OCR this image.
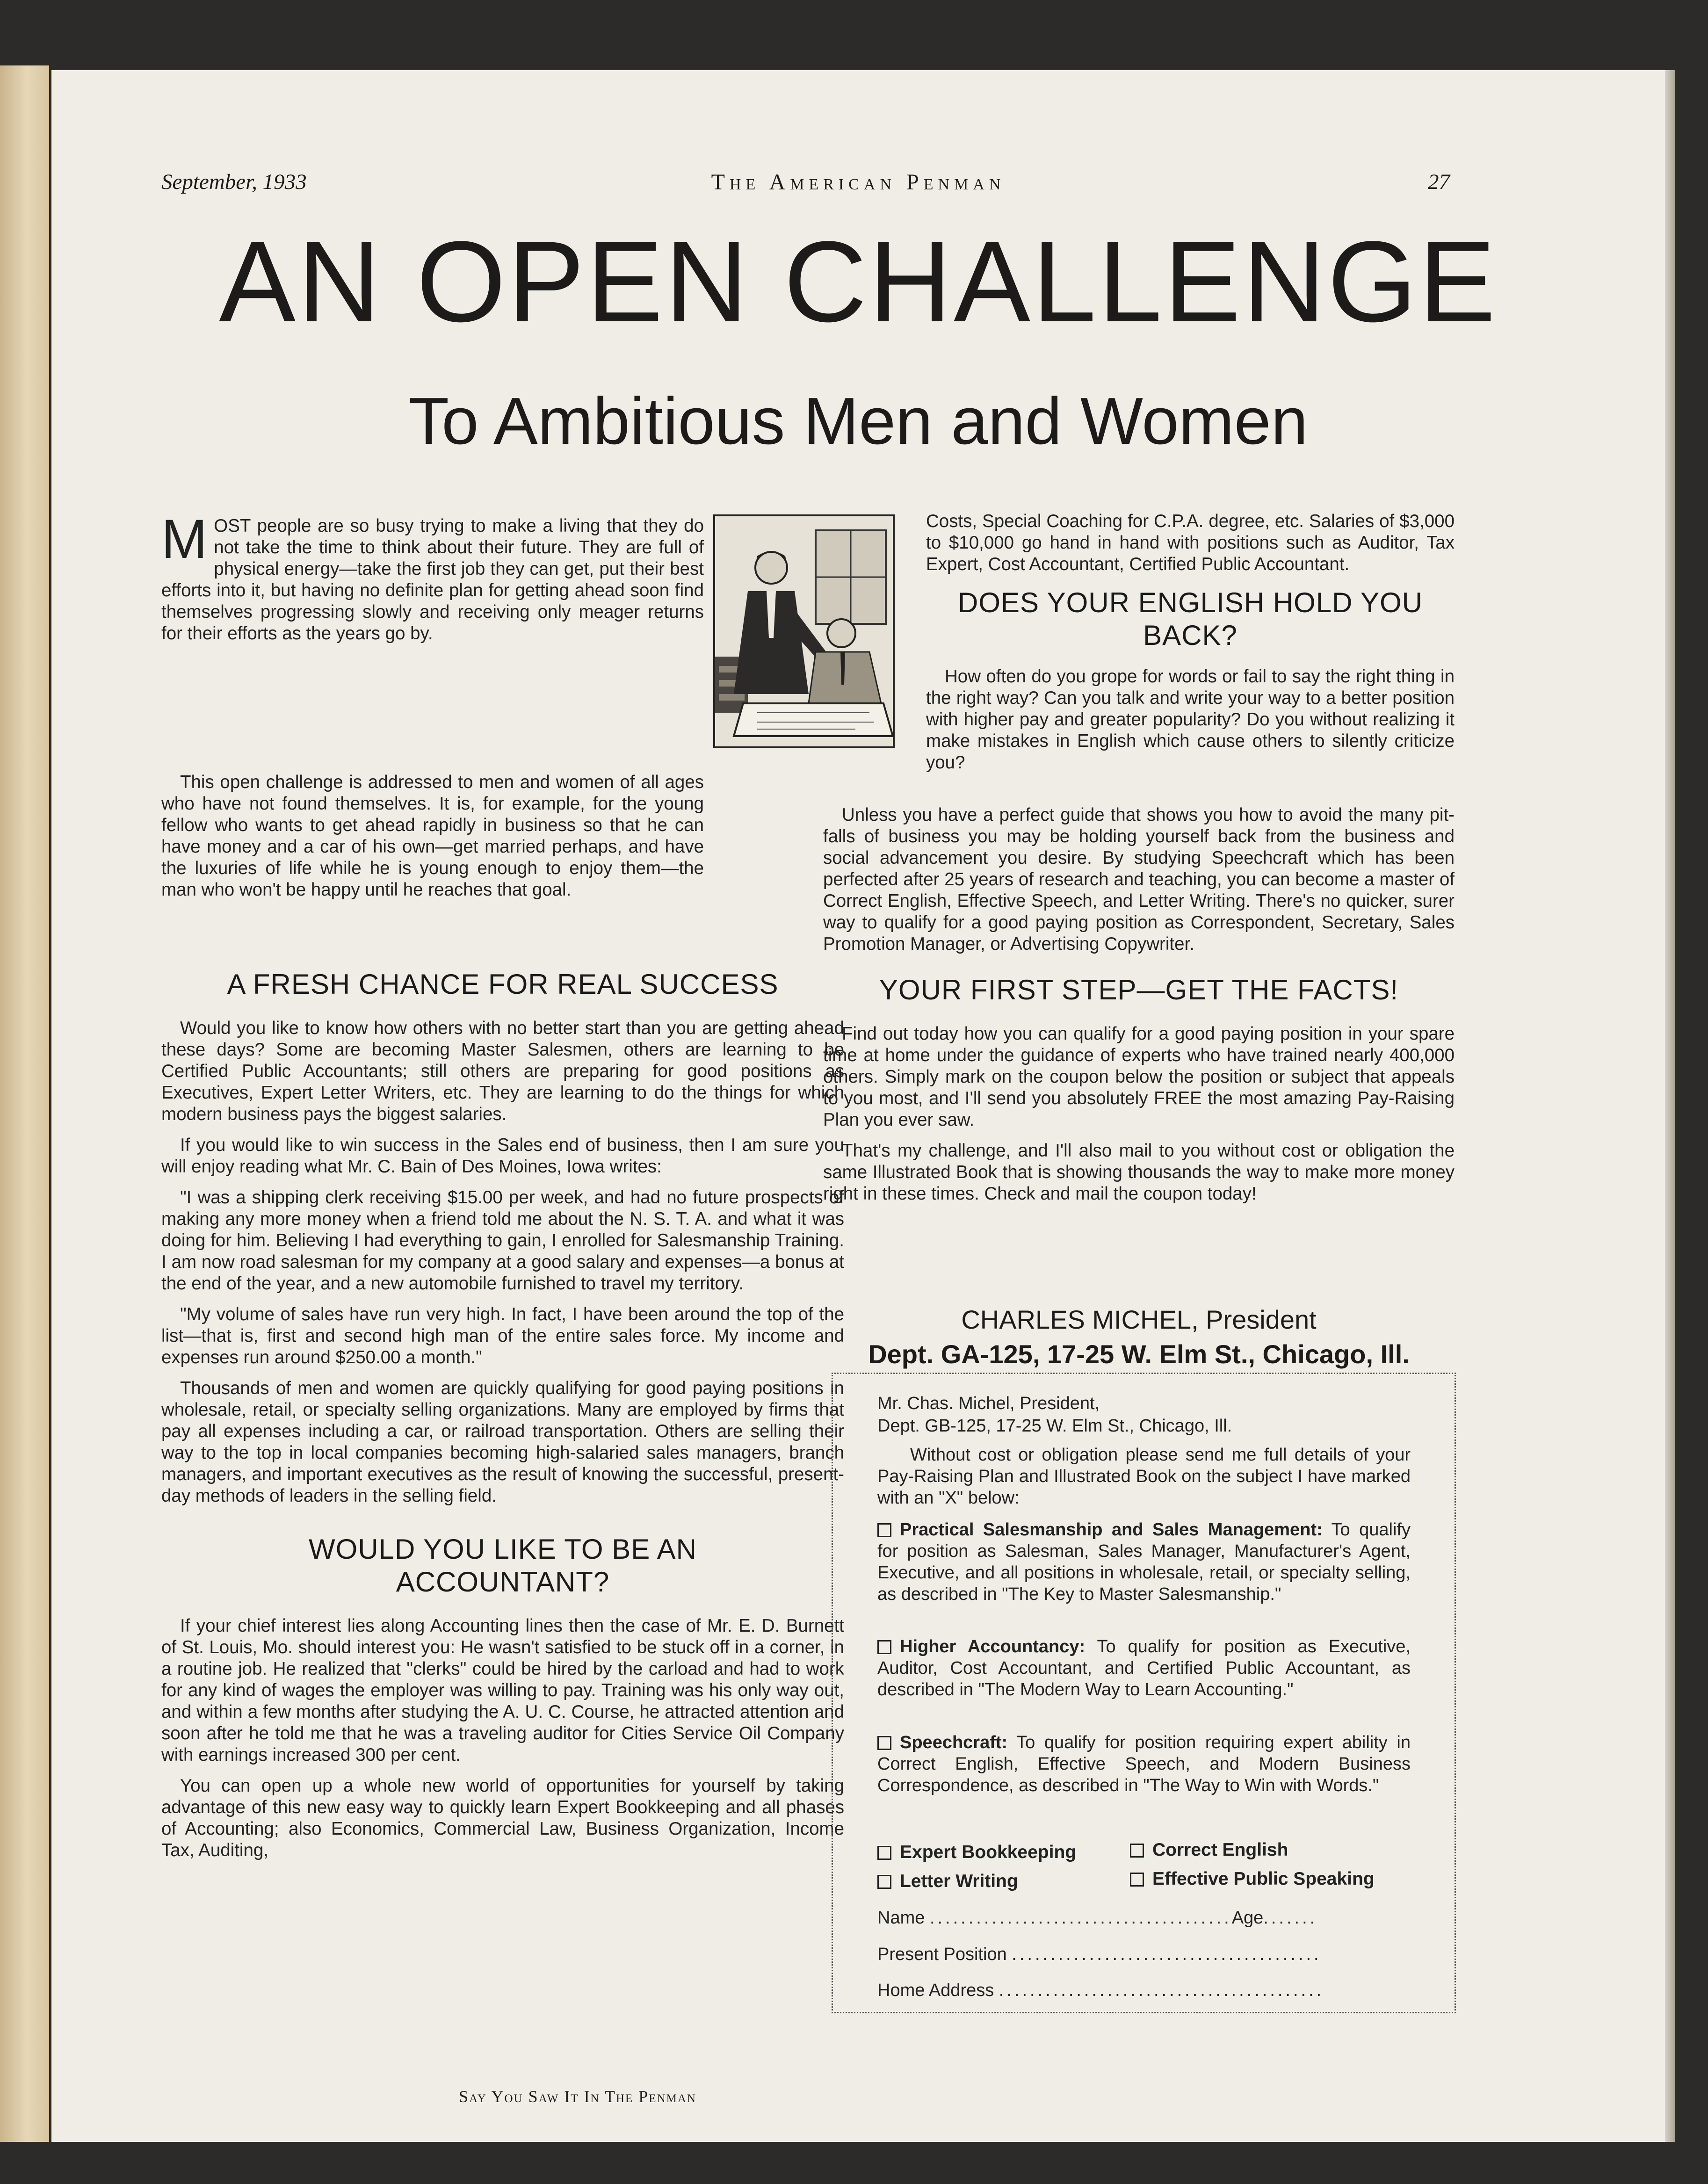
September, 1933	The American Penman	27
AN OPEN CHALLENGE
To Ambitious Men and Women

MOST people are so busy trying to make a living that they do not take the time to think about their future. They are full of physical energy—take the first job they can get, put their best efforts into it, but having no definite plan for getting ahead soon find themselves progressing slowly and receiving only meager returns for their efforts as the years go by.

This open challenge is addressed to men and women of all ages who have not found themselves. It is, for example, for the young fellow who wants to get ahead rapidly in business so that he can have money and a car of his own—get married perhaps, and have the luxuries of life while he is young enough to enjoy them—the man who won't be happy until he reaches that goal.

A FRESH CHANCE FOR REAL SUCCESS

Would you like to know how others with no better start than you are getting ahead these days? Some are becoming Master Salesmen, others are learning to be Certified Public Accountants; still others are preparing for good positions as Executives, Expert Letter Writers, etc. They are learning to do the things for which modern business pays the biggest salaries.

If you would like to win success in the Sales end of business, then I am sure you will enjoy reading what Mr. C. Bain of Des Moines, Iowa writes:

"I was a shipping clerk receiving $15.00 per week, and had no future prospects of making any more money when a friend told me about the N. S. T. A. and what it was doing for him. Believing I had everything to gain, I enrolled for Salesmanship Training. I am now road salesman for my company at a good salary and expenses—a bonus at the end of the year, and a new automobile furnished to travel my territory.

"My volume of sales have run very high. In fact, I have been around the top of the list—that is, first and second high man of the entire sales force. My income and expenses run around $250.00 a month."

Thousands of men and women are quickly qualifying for good paying positions in wholesale, retail, or specialty selling organizations. Many are employed by firms that pay all expenses including a car, or railroad transportation. Others are selling their way to the top in local companies becoming high-salaried sales managers, branch managers, and important executives as the result of knowing the successful, present-day methods of leaders in the selling field.

WOULD YOU LIKE TO BE AN ACCOUNTANT?

If your chief interest lies along Accounting lines then the case of Mr. E. D. Burnett of St. Louis, Mo. should interest you: He wasn't satisfied to be stuck off in a corner, in a routine job. He realized that "clerks" could be hired by the carload and had to work for any kind of wages the employer was willing to pay. Training was his only way out, and within a few months after studying the A. U. C. Course, he attracted attention and soon after he told me that he was a traveling auditor for Cities Service Oil Company with earnings increased 300 per cent.

You can open up a whole new world of opportunities for yourself by taking advantage of this new easy way to quickly learn Expert Bookkeeping and all phases of Accounting; also Economics, Commercial Law, Business Organization, Income Tax, Auditing,

Costs, Special Coaching for C.P.A. degree, etc. Salaries of $3,000 to $10,000 go hand in hand with positions such as Auditor, Tax Expert, Cost Accountant, Certified Public Accountant.

DOES YOUR ENGLISH HOLD YOU BACK?

How often do you grope for words or fail to say the right thing in the right way? Can you talk and write your way to a better position with higher pay and greater popularity? Do you without realizing it make mistakes in English which cause others to silently criticize you?

Unless you have a perfect guide that shows you how to avoid the many pit-falls of business you may be holding yourself back from the business and social advancement you desire. By studying Speechcraft which has been perfected after 25 years of research and teaching, you can become a master of Correct English, Effective Speech, and Letter Writing. There's no quicker, surer way to qualify for a good paying position as Correspondent, Secretary, Sales Promotion Manager, or Advertising Copywriter.

YOUR FIRST STEP—GET THE FACTS!

Find out today how you can qualify for a good paying position in your spare time at home under the guidance of experts who have trained nearly 400,000 others. Simply mark on the coupon below the position or subject that appeals to you most, and I'll send you absolutely FREE the most amazing Pay-Raising Plan you ever saw.

That's my challenge, and I'll also mail to you without cost or obligation the same Illustrated Book that is showing thousands the way to make more money right in these times. Check and mail the coupon today!

CHARLES MICHEL, President
Dept. GA-125, 17-25 W. Elm St., Chicago, Ill.

Mr. Chas. Michel, President,

Dept. GB-125, 17-25 W. Elm St., Chicago, Ill.

Without cost or obligation please send me full details of your Pay-Raising Plan and Illustrated Book on the subject I have marked with an "X" below:

Practical Salesmanship and Sales Management: To qualify for position as Salesman, Sales Manager, Manufacturer's Agent, Executive, and all positions in wholesale, retail, or specialty selling, as described in "The Key to Master Salesmanship."
Higher Accountancy: To qualify for position as Executive, Auditor, Cost Accountant, and Certified Public Accountant, as described in "The Modern Way to Learn Accounting."
Speechcraft: To qualify for position requiring expert ability in Correct English, Effective Speech, and Modern Business Correspondence, as described in "The Way to Win with Words."
Expert Bookkeeping	Correct English
Letter Writing	Effective Public Speaking
Name .......................................Age.......
Present Position ........................................
Home Address ..........................................
Say You Saw It In The Penman
